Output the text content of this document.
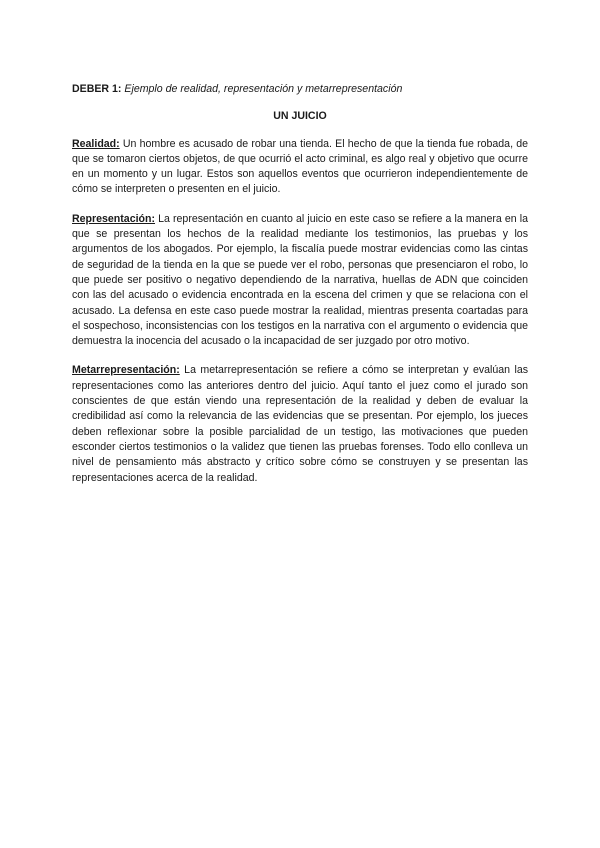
DEBER 1: Ejemplo de realidad, representación y metarrepresentación

UN JUICIO

Realidad: Un hombre es acusado de robar una tienda. El hecho de que la tienda fue robada, de que se tomaron ciertos objetos, de que ocurrió el acto criminal, es algo real y objetivo que ocurre en un momento y un lugar. Estos son aquellos eventos que ocurrieron independientemente de cómo se interpreten o presenten en el juicio.

Representación: La representación en cuanto al juicio en este caso se refiere a la manera en la que se presentan los hechos de la realidad mediante los testimonios, las pruebas y los argumentos de los abogados. Por ejemplo, la fiscalía puede mostrar evidencias como las cintas de seguridad de la tienda en la que se puede ver el robo, personas que presenciaron el robo, lo que puede ser positivo o negativo dependiendo de la narrativa, huellas de ADN que coinciden con las del acusado o evidencia encontrada en la escena del crimen y que se relaciona con el acusado. La defensa en este caso puede mostrar la realidad, mientras presenta coartadas para el sospechoso, inconsistencias con los testigos en la narrativa con el argumento o evidencia que demuestra la inocencia del acusado o la incapacidad de ser juzgado por otro motivo.

Metarrepresentación: La metarrepresentación se refiere a cómo se interpretan y evalúan las representaciones como las anteriores dentro del juicio. Aquí tanto el juez como el jurado son conscientes de que están viendo una representación de la realidad y deben de evaluar la credibilidad así como la relevancia de las evidencias que se presentan. Por ejemplo, los jueces deben reflexionar sobre la posible parcialidad de un testigo, las motivaciones que pueden esconder ciertos testimonios o la validez que tienen las pruebas forenses. Todo ello conlleva un nivel de pensamiento más abstracto y crítico sobre cómo se construyen y se presentan las representaciones acerca de la realidad.
